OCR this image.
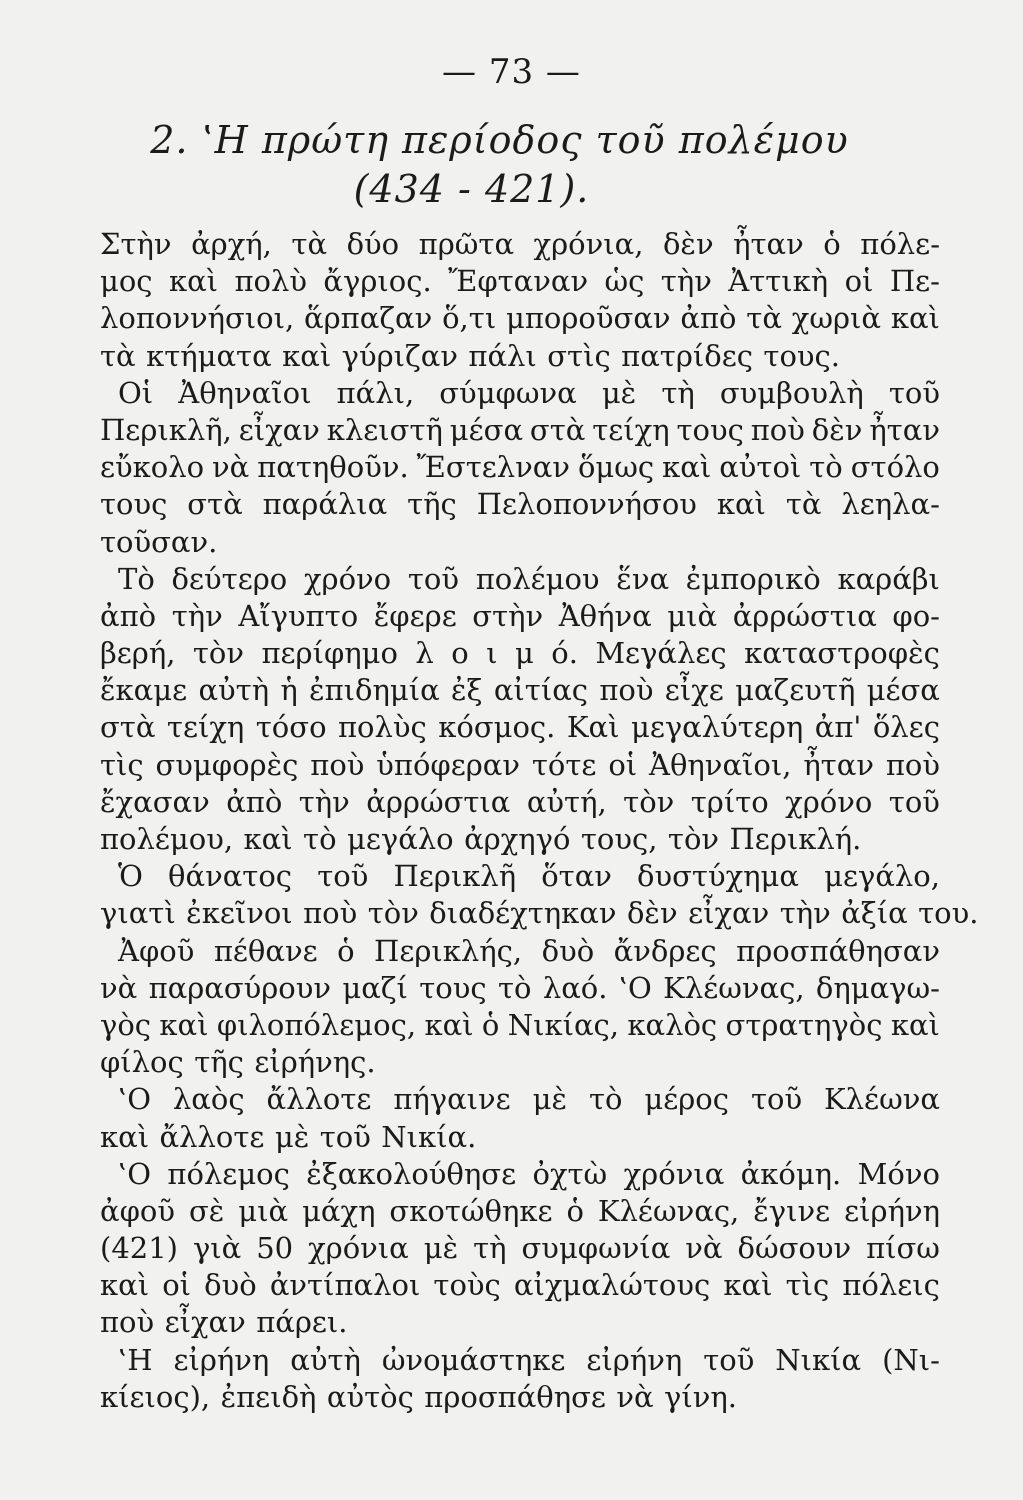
— 73 —
2. ‛Η πρώτη περίοδος τοῦ πολέμου
(434 - 421).
Στὴν ἀρχή, τὰ δύο πρῶτα χρόνια, δὲν ἦταν ὁ πόλε-
μος καὶ πολὺ ἄγριος. Ἔφταναν ὡς τὴν Ἀττικὴ οἱ Πε-
λοποννήσιοι, ἅρπαζαν ὅ,τι μποροῦσαν ἀπὸ τὰ χωριὰ καὶ
τὰ κτήματα καὶ γύριζαν πάλι στὶς πατρίδες τους.
Οἱ Ἀθηναῖοι πάλι, σύμφωνα μὲ τὴ συμβουλὴ τοῦ
Περικλῆ, εἶχαν κλειστῆ μέσα στὰ τείχη τους ποὺ δὲν ἦταν
εὔκολο νὰ πατηθοῦν. Ἔστελναν ὅμως καὶ αὐτοὶ τὸ στόλο
τους στὰ παράλια τῆς Πελοποννήσου καὶ τὰ λεηλα-
τοῦσαν.
Τὸ δεύτερο χρόνο τοῦ πολέμου ἕνα ἐμπορικὸ καράβι
ἀπὸ τὴν Αἴγυπτο ἔφερε στὴν Ἀθήνα μιὰ ἀρρώστια φο-
βερή, τὸν περίφημο λ ο ι μ ό. Μεγάλες καταστροφὲς
ἔκαμε αὐτὴ ἡ ἐπιδημία ἐξ αἰτίας ποὺ εἶχε μαζευτῆ μέσα
στὰ τείχη τόσο πολὺς κόσμος. Καὶ μεγαλύτερη ἀπ' ὅλες
τὶς συμφορὲς ποὺ ὑπόφεραν τότε οἱ Ἀθηναῖοι, ἦταν ποὺ
ἔχασαν ἀπὸ τὴν ἀρρώστια αὐτή, τὸν τρίτο χρόνο τοῦ
πολέμου, καὶ τὸ μεγάλο ἀρχηγό τους, τὸν Περικλή.
Ὁ θάνατος τοῦ Περικλῆ ὅταν δυστύχημα μεγάλο,
γιατὶ ἐκεῖνοι ποὺ τὸν διαδέχτηκαν δὲν εἶχαν τὴν ἀξία του.
Ἀφοῦ πέθανε ὁ Περικλής, δυὸ ἄνδρες προσπάθησαν
νὰ παρασύρουν μαζί τους τὸ λαό. ‛Ο Κλέωνας, δημαγω-
γὸς καὶ φιλοπόλεμος, καὶ ὁ Νικίας, καλὸς στρατηγὸς καὶ
φίλος τῆς εἰρήνης.
‛Ο λαὸς ἄλλοτε πήγαινε μὲ τὸ μέρος τοῦ Κλέωνα
καὶ ἄλλοτε μὲ τοῦ Νικία.
‛Ο πόλεμος ἐξακολούθησε ὀχτὼ χρόνια ἀκόμη. Μόνο
ἀφοῦ σὲ μιὰ μάχη σκοτώθηκε ὁ Κλέωνας, ἔγινε εἰρήνη
(421) γιὰ 50 χρόνια μὲ τὴ συμφωνία νὰ δώσουν πίσω
καὶ οἱ δυὸ ἀντίπαλοι τοὺς αἰχμαλώτους καὶ τὶς πόλεις
ποὺ εἶχαν πάρει.
‛Η εἰρήνη αὐτὴ ὠνομάστηκε εἰρήνη τοῦ Νικία (Νι-
κίειος), ἐπειδὴ αὐτὸς προσπάθησε νὰ γίνη.
